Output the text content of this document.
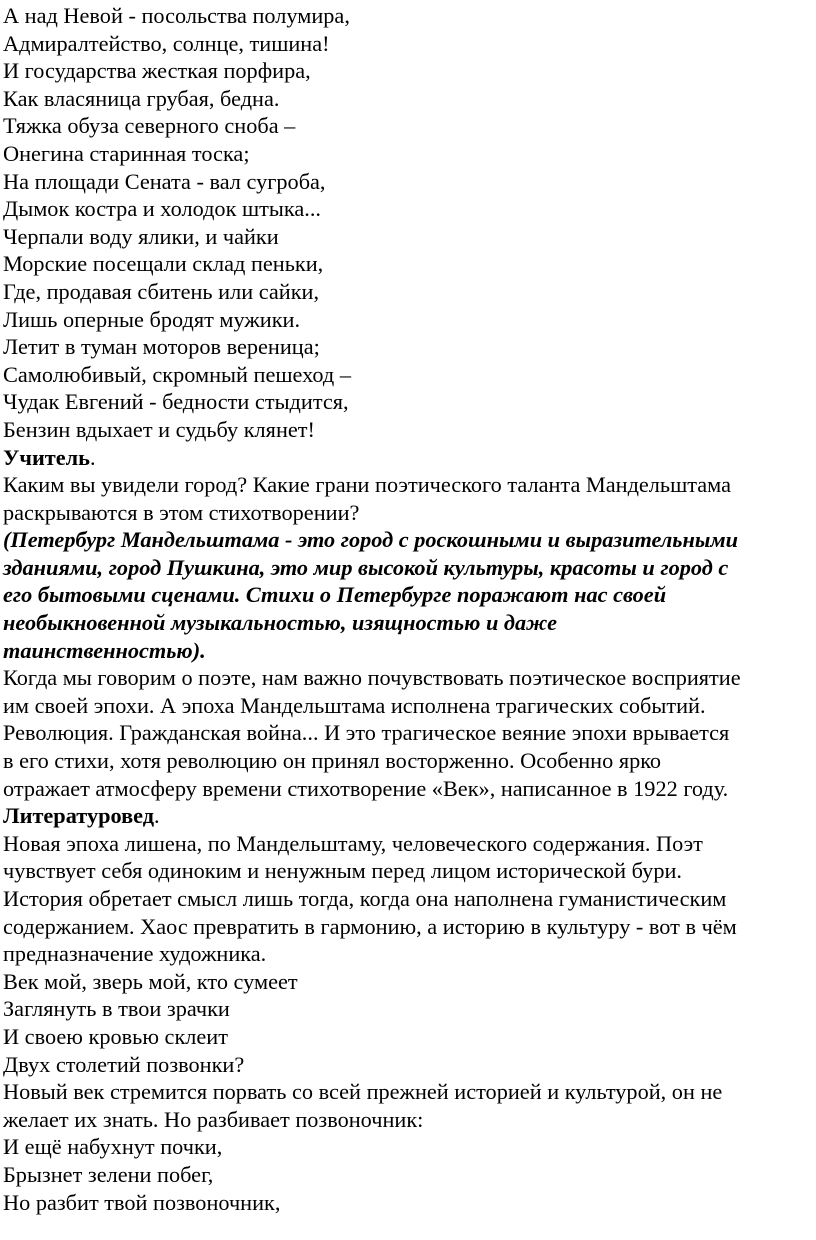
А над Невой - посольства полумира,
Адмиралтейство, солнце, тишина!
И государства жесткая порфира,
Как власяница грубая, бедна.
Тяжка обуза северного сноба –
Онегина старинная тоска;
На площади Сената - вал сугроба,
Дымок костра и холодок штыка...
Черпали воду ялики, и чайки
Морские посещали склад пеньки,
Где, продавая сбитень или сайки,
Лишь оперные бродят мужики.
Летит в туман моторов вереница;
Самолюбивый, скромный пешеход –
Чудак Евгений - бедности стыдится,
Бензин вдыхает и судьбу клянет!
Учитель.
Каким вы увидели город? Какие грани поэтического таланта Мандельштама
раскрываются в этом стихотворении?
(Петербург Мандельштама - это город с роскошными и выразительными
зданиями, город Пушкина, это мир высокой культуры, красоты и город с
его бытовыми сценами. Стихи о Петербурге поражают нас своей
необыкновенной музыкальностью, изящностью и даже
таинственностью).
Когда мы говорим о поэте, нам важно почувствовать поэтическое восприятие
им своей эпохи. А эпоха Мандельштама исполнена трагических событий.
Революция. Гражданская война... И это трагическое веяние эпохи врывается
в его стихи, хотя революцию он принял восторженно. Особенно ярко
отражает атмосферу времени стихотворение «Век», написанное в 1922 году.
Литературовед.
Новая эпоха лишена, по Мандельштаму, человеческого содержания. Поэт
чувствует себя одиноким и ненужным перед лицом исторической бури.
История обретает смысл лишь тогда, когда она наполнена гуманистическим
содержанием. Хаос превратить в гармонию, а историю в культуру - вот в чём
предназначение художника.
Век мой, зверь мой, кто сумеет
Заглянуть в твои зрачки
И своею кровью склеит
Двух столетий позвонки?
Новый век стремится порвать со всей прежней историей и культурой, он не
желает их знать. Но разбивает позвоночник:
И ещё набухнут почки,
Брызнет зелени побег,
Но разбит твой позвоночник,
